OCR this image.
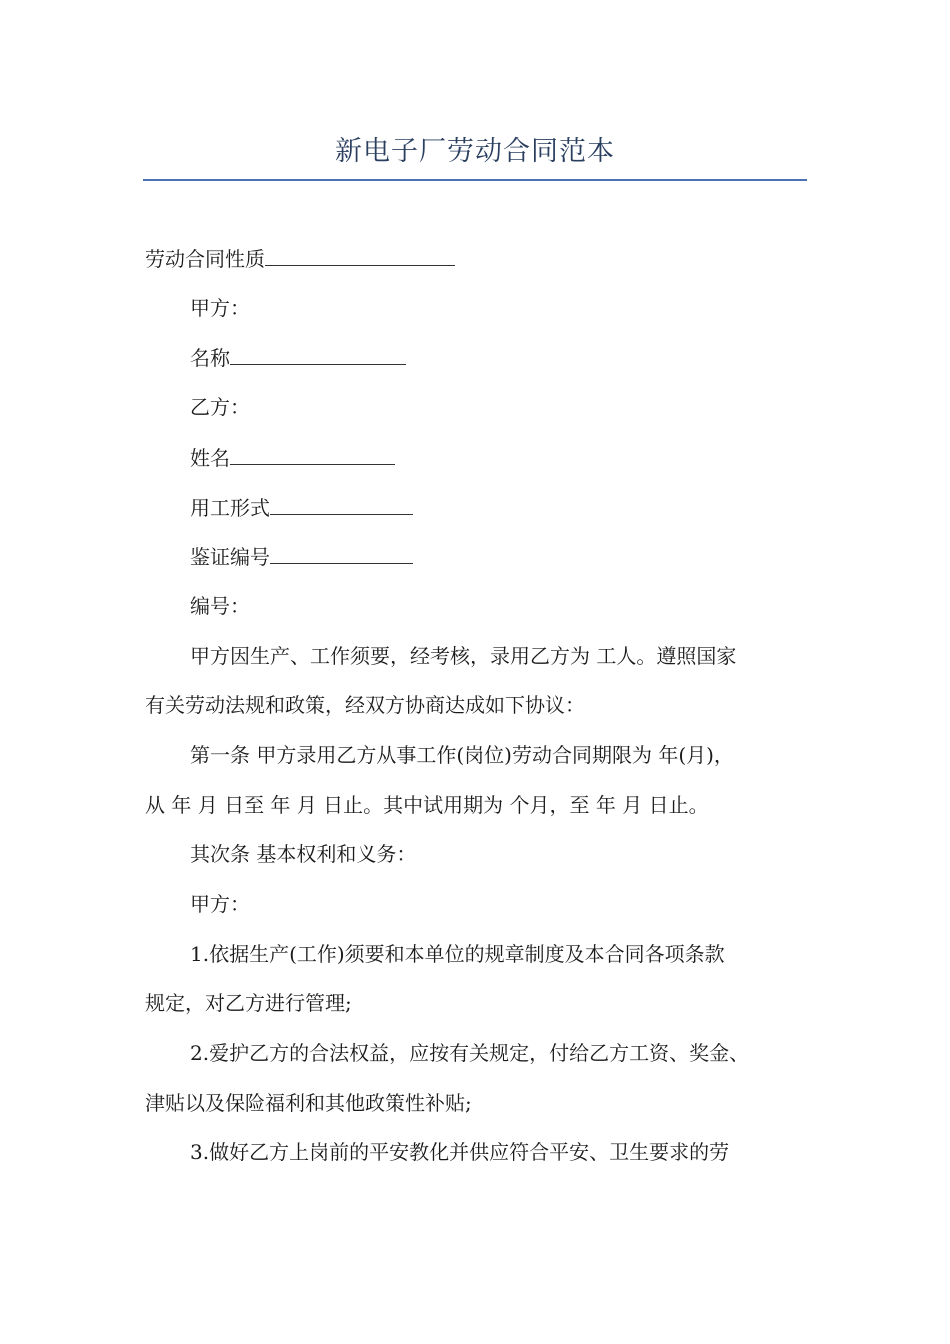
新电子厂劳动合同范本
劳动合同性质
甲方：
名称
乙方：
姓名
用工形式
鉴证编号
编号：
甲方因生产、工作须要，经考核，录用乙方为 工人。遵照国家
有关劳动法规和政策，经双方协商达成如下协议：
第一条 甲方录用乙方从事工作(岗位)劳动合同期限为 年(月)，
从 年 月 日至 年 月 日止。其中试用期为 个月，至 年 月 日止。
其次条 基本权利和义务：
甲方：
1.依据生产(工作)须要和本单位的规章制度及本合同各项条款
规定，对乙方进行管理;
2.爱护乙方的合法权益，应按有关规定，付给乙方工资、奖金、
津贴以及保险福利和其他政策性补贴;
3.做好乙方上岗前的平安教化并供应符合平安、卫生要求的劳
